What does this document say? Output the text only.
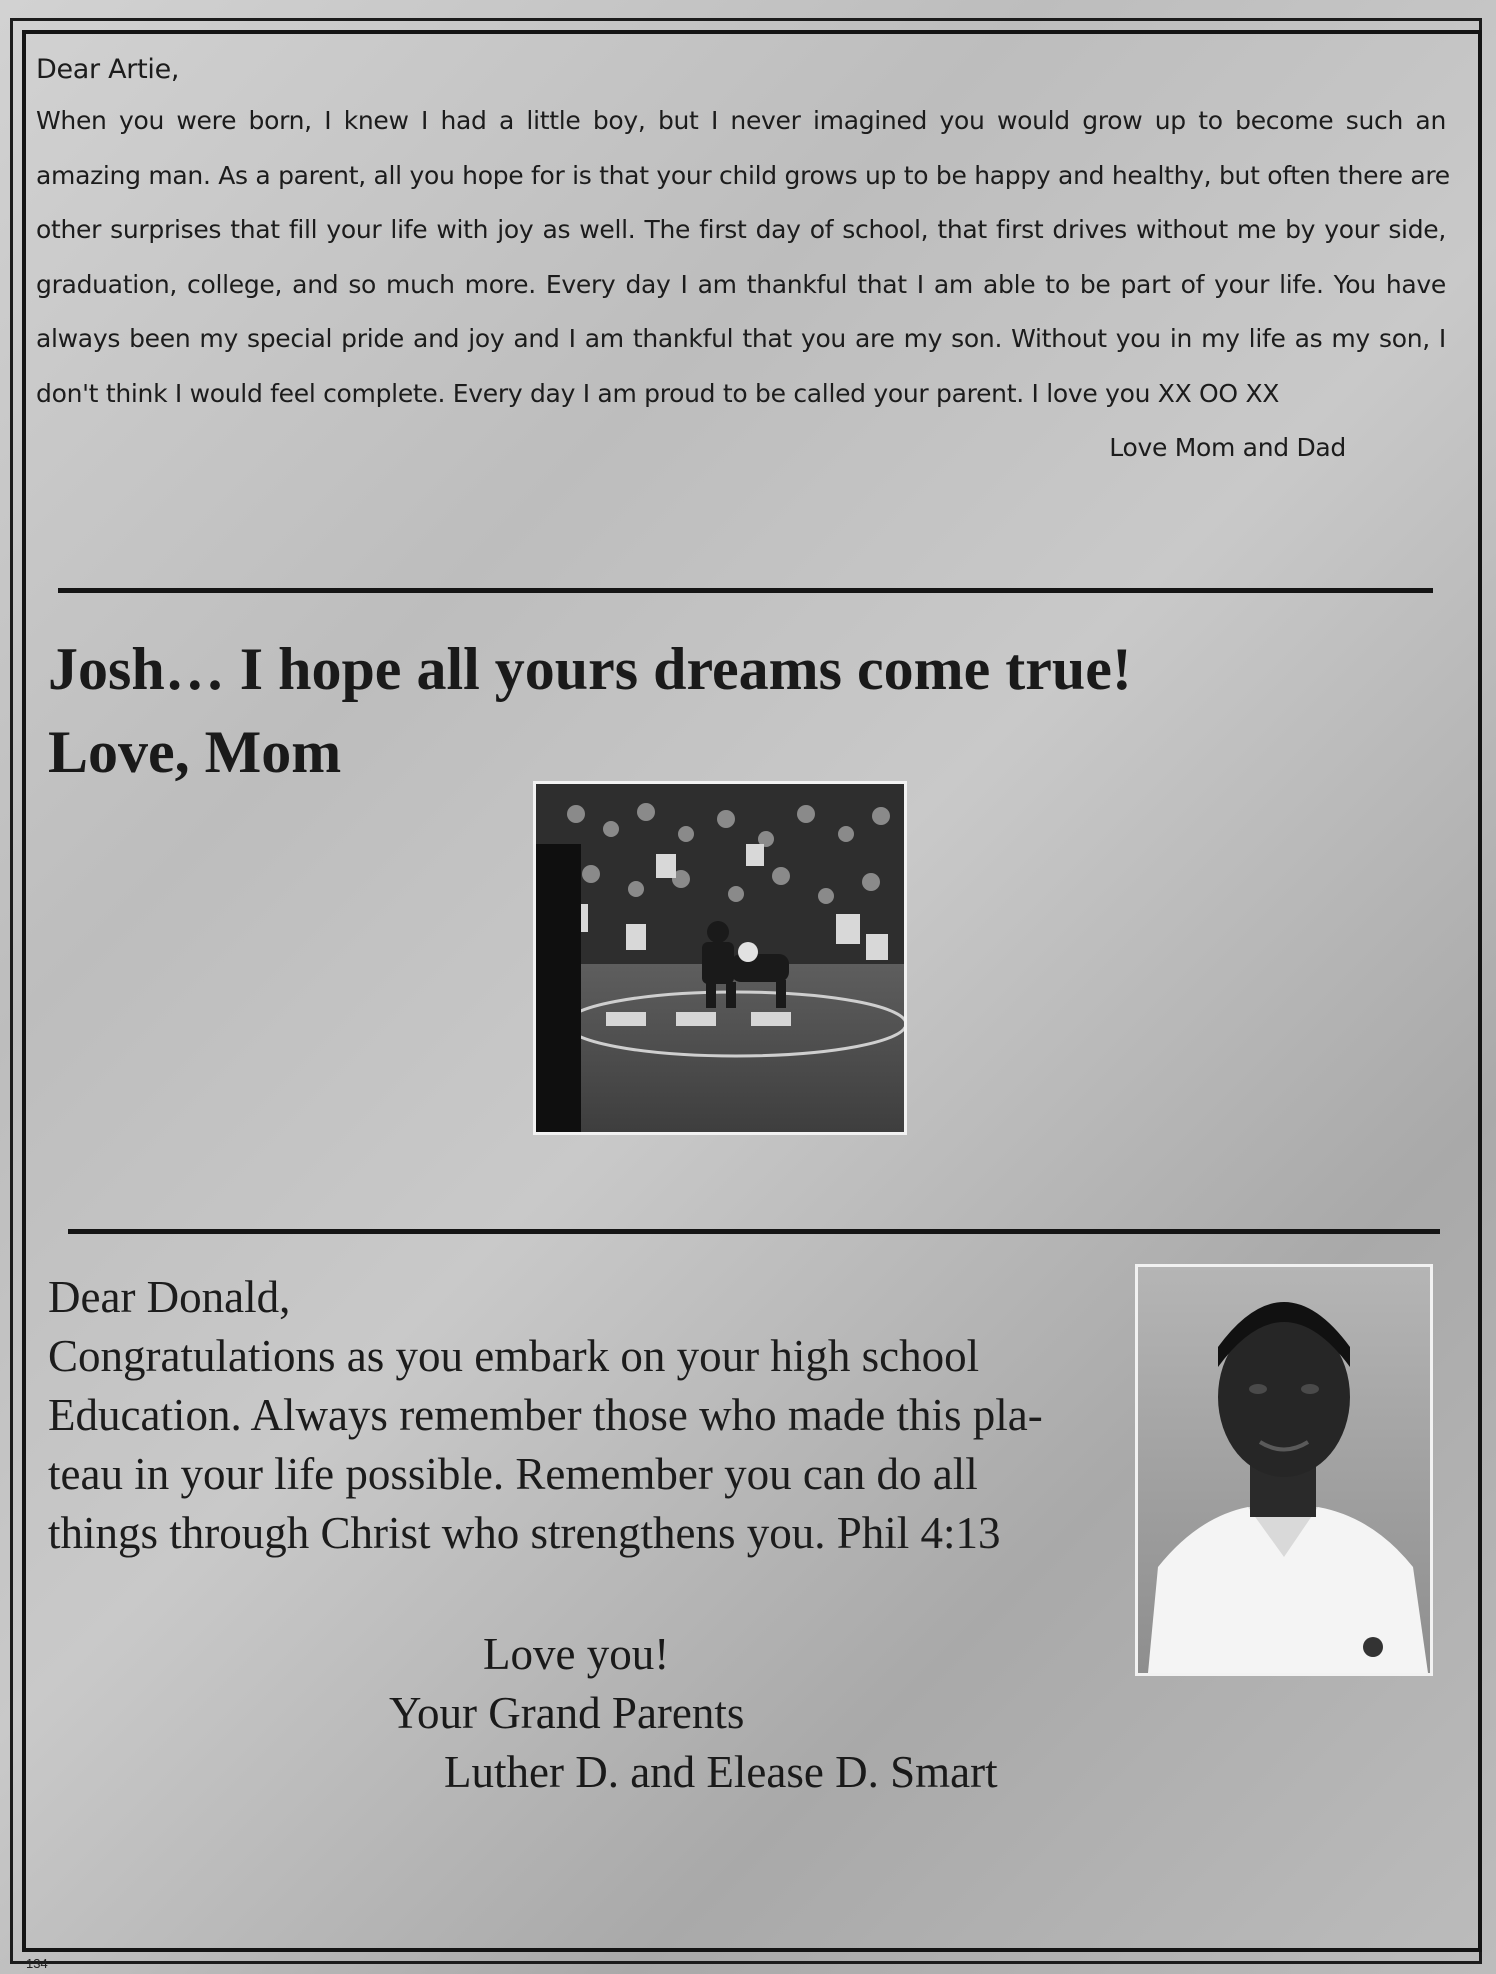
Dear Artie,
When you were born, I knew I had a little boy, but I never imagined you would grow up to become such an
amazing man. As a parent, all you hope for is that your child grows up to be happy and healthy, but often there are
other surprises that fill your life with joy as well. The first day of school, that first drives without me by your side,
graduation, college, and so much more. Every day I am thankful that I am able to be part of your life. You have
always been my special pride and joy and I am thankful that you are my son. Without you in my life as my son, I
don't think I would feel complete. Every day I am proud to be called your parent. I love you XX OO XX
Love Mom and Dad
Josh… I hope all yours dreams come true!
Love, Mom
Dear Donald,
Congratulations as you embark on your high school
Education. Always remember those who made this pla-
teau in your life possible. Remember you can do all
things through Christ who strengthens you. Phil 4:13
Love you!
Your Grand Parents
Luther D. and Elease D. Smart
134
